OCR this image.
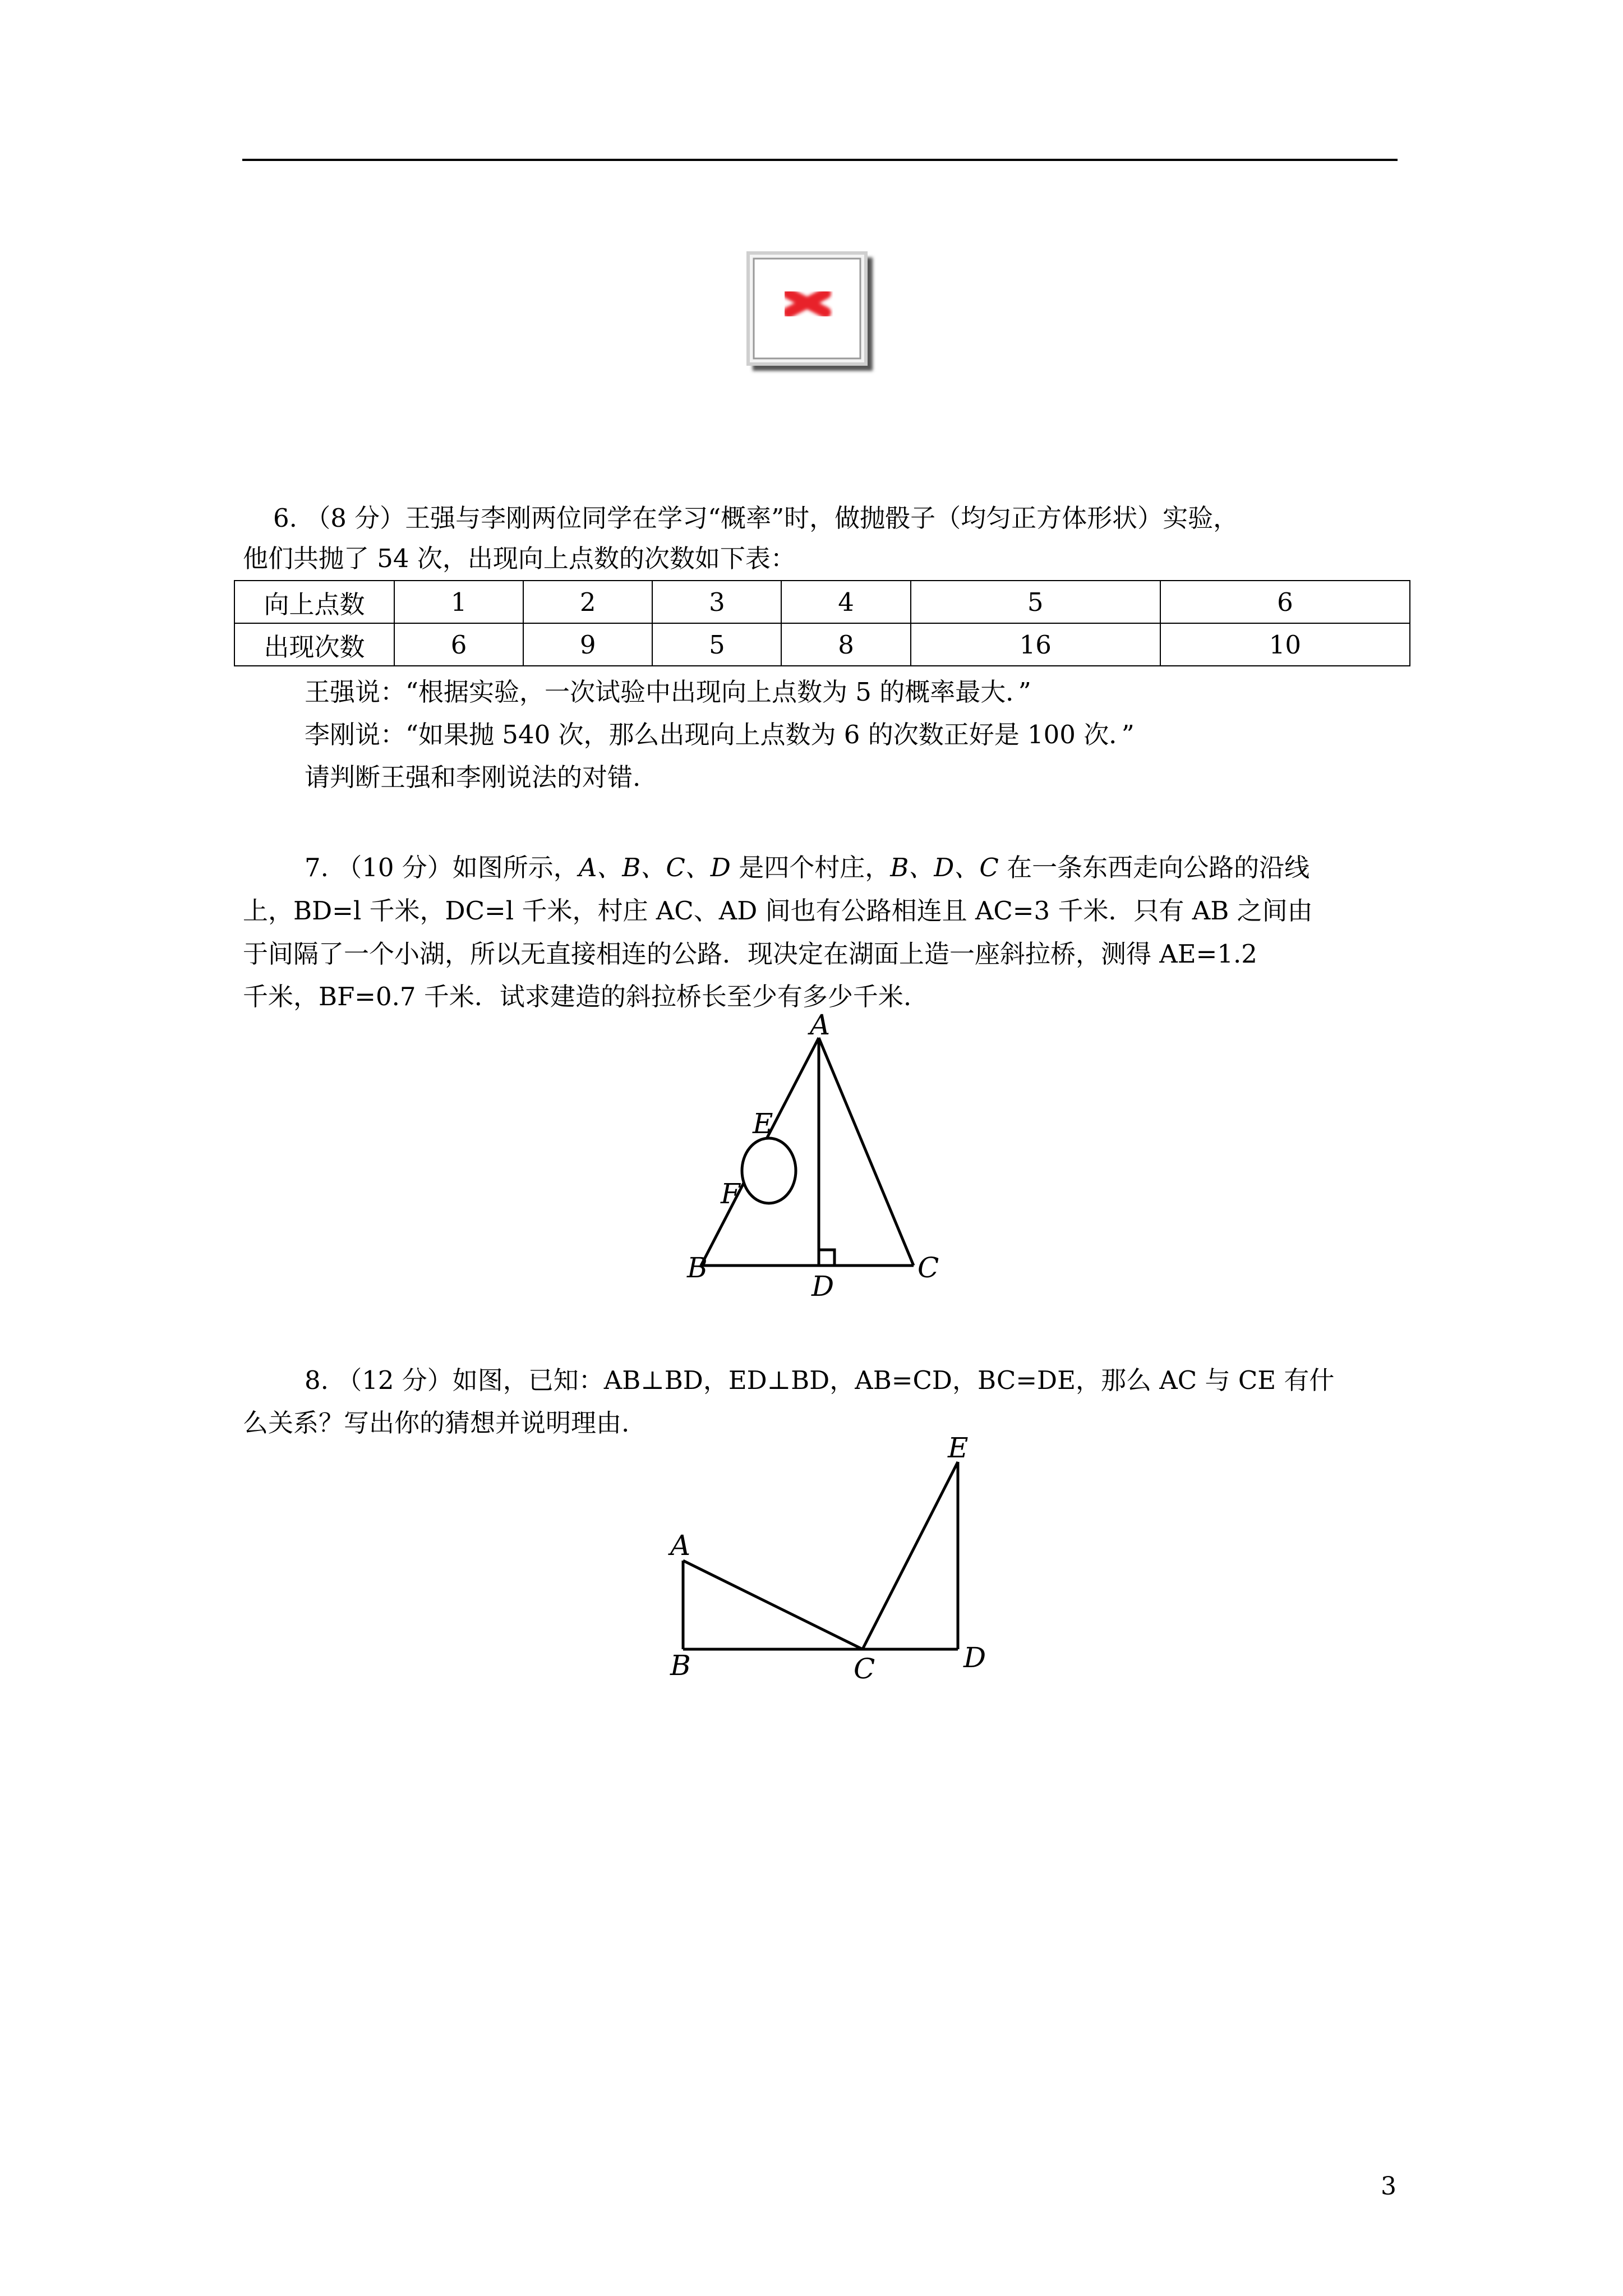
6. （8 分）王强与李刚两位同学在学习“概率”时，做抛骰子（均匀正方体形状）实验，
他们共抛了 54 次，出现向上点数的次数如下表：
向上点数	1	2	3	4	5	6
出现次数	6	9	5	8	16	10
王强说：“根据实验，一次试验中出现向上点数为 5 的概率最大．”
李刚说：“如果抛 540 次，那么出现向上点数为 6 的次数正好是 100 次．”
请判断王强和李刚说法的对错.
7. （10 分）如图所示，A、B、C、D 是四个村庄，B、D、C 在一条东西走向公路的沿线
上，BD=l 千米，DC=l 千米，村庄 AC、AD 间也有公路相连且 AC=3 千米．只有 AB 之间由
于间隔了一个小湖，所以无直接相连的公路．现决定在湖面上造一座斜拉桥，测得 AE=1.2
千米，BF=0.7 千米．试求建造的斜拉桥长至少有多少千米.
A
B	C
D
E
F
8. （12 分）如图，已知：AB⊥BD，ED⊥BD，AB=CD，BC=DE，那么 AC 与 CE 有什
么关系？写出你的猜想并说明理由.
A
B	C	D
E
3
